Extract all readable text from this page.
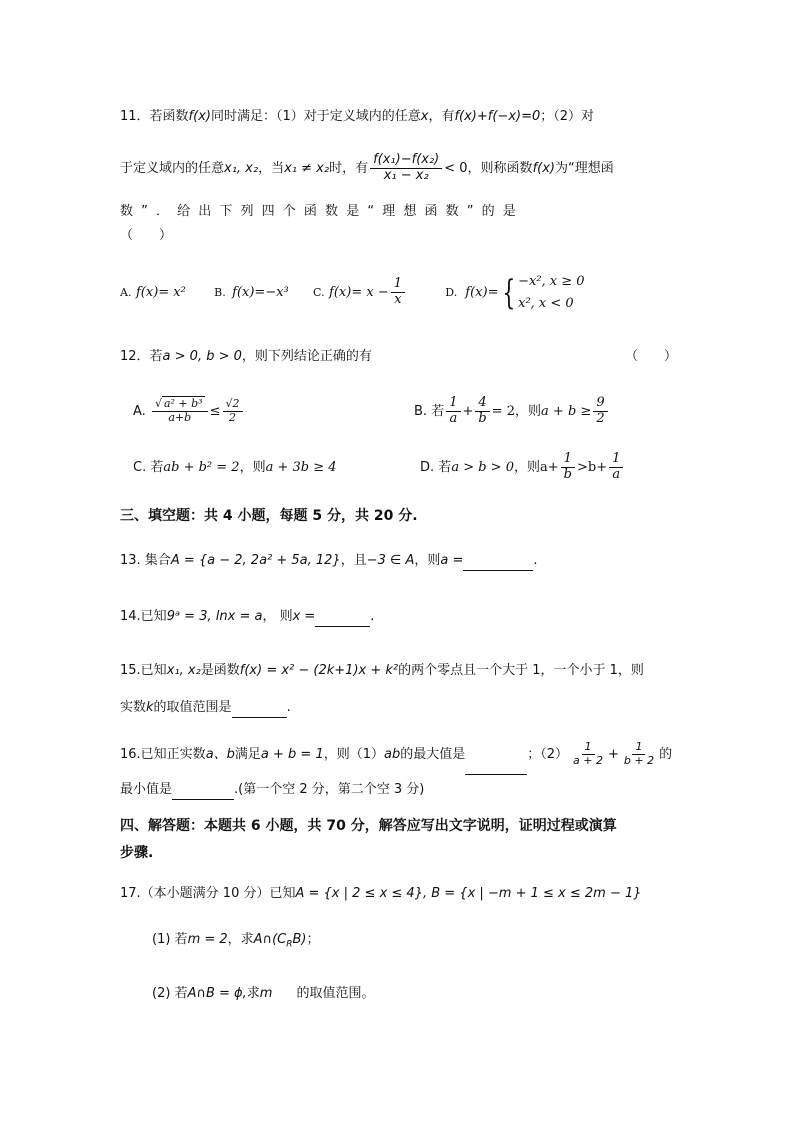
11．若函数f(x)同时满足：（1）对于定义域内的任意x，有f(x)+f(−x)=0；（2）对
于定义域内的任意x₁, x₂，当x₁ ≠ x₂时，有 $\frac{\text{f(x₁)−f(x₂)}}{\text{x₁ − x₂}} < 0$，则称函数f(x)为“理想函
数 ” ． 给 出 下 列 四 个 函 数 是 “ 理 想 函 数 ” 的 是
（　　）
A. f(x)= x²	B. f(x)=−x³ C. $f(x)= x - \frac{1}{x}$	D. f(x)= { −x², x ≥ 0
x², x < 0
12．若a > 0, b > 0，则下列结论正确的有	（　　）
A. $\frac{\text{√ a² + b³}}{a+b} \le \frac{√2}{2}$	B. 若 $\frac{1}{a} + \frac{4}{b} = 2$，则$a + b \ge \frac{9}{2}$
C. 若ab + b² = 2，则a + 3b ≥ 4	D. 若a > b > 0，则$a+ \frac{1}{b} >b+ \frac{1}{a}$
三、填空题：共 4 小题，每题 5 分，共 20 分.
13. 集合A = {a − 2, 2a² + 5a, 12}，且−3 ∈ A，则a =	.
14.已知9ᵃ = 3, lnx = a， 则x =	.
15.已知x₁, x₂是函数f(x) = x² − (2k+1)x + k²的两个零点且一个大于 1，一个小于 1，则
实数k的取值范围是	.
16.已知正实数a、b满足a + b = 1，则（1）ab的最大值是	；$(2) \frac{1}{a + 2} + \frac{1}{b + 2}$ 的
最小值是	.(第一个空 2 分，第二个空 3 分)
四、解答题：本题共 6 小题，共 70 分，解答应写出文字说明，证明过程或演算
步骤.
17.（本小题满分 10 分）已知A = {x | 2 ≤ x ≤ 4}, B = {x | −m + 1 ≤ x ≤ 2m − 1}
(1) 若m = 2，求$A\cap(C_RB)$；
(2) 若A∩B = ϕ,求m 的取值范围。
